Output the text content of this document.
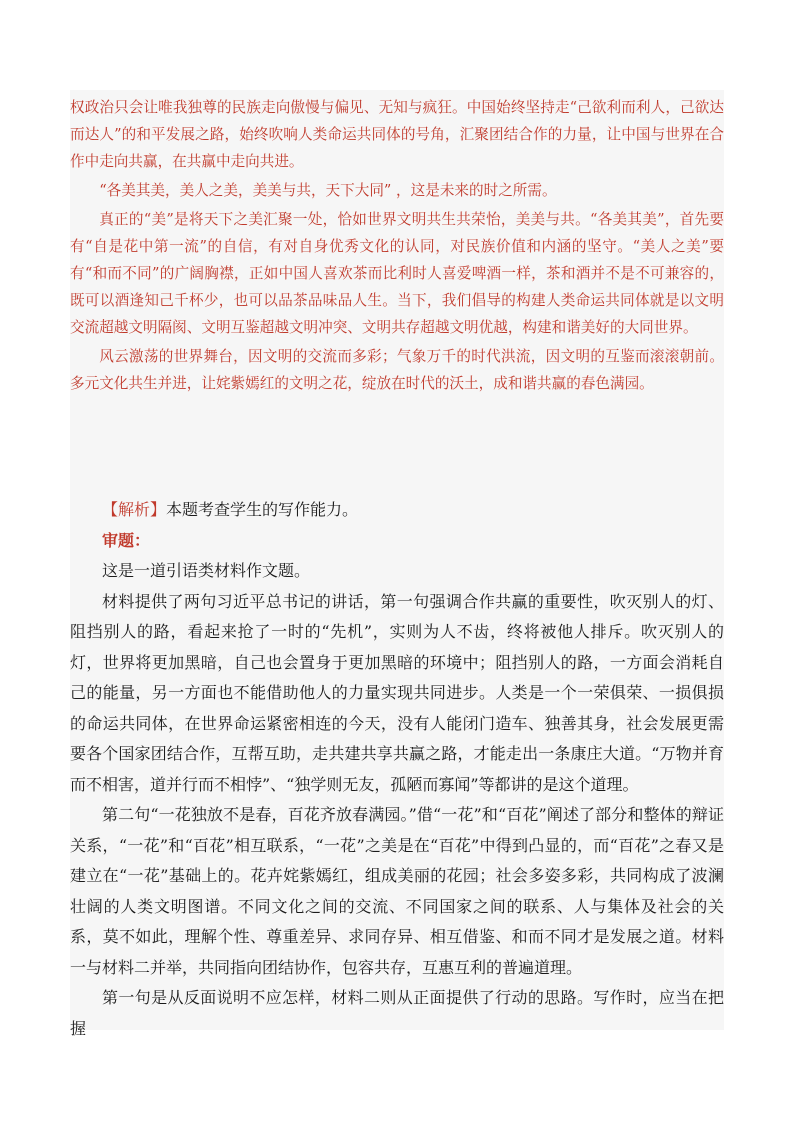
权政治只会让唯我独尊的民族走向傲慢与偏见、无知与疯狂。中国始终坚持走“己欲利而利人，己欲达而达人”的和平发展之路，始终吹响人类命运共同体的号角，汇聚团结合作的力量，让中国与世界在合作中走向共赢，在共赢中走向共进。

“各美其美，美人之美，美美与共，天下大同” ，这是未来的时之所需。

真正的“美”是将天下之美汇聚一处，恰如世界文明共生共荣怡，美美与共。“各美其美”，首先要有“自是花中第一流”的自信，有对自身优秀文化的认同，对民族价值和内涵的坚守。“美人之美”要有“和而不同”的广阔胸襟，正如中国人喜欢茶而比利时人喜爱啤酒一样，茶和酒并不是不可兼容的，既可以酒逢知己千杯少，也可以品茶品味品人生。当下，我们倡导的构建人类命运共同体就是以文明交流超越文明隔阂、文明互鉴超越文明冲突、文明共存超越文明优越，构建和谐美好的大同世界。

风云激荡的世界舞台，因文明的交流而多彩；气象万千的时代洪流，因文明的互鉴而滚滚朝前。多元文化共生并进，让姹紫嫣红的文明之花，绽放在时代的沃土，成和谐共赢的春色满园。

【解析】本题考查学生的写作能力。

审题：

这是一道引语类材料作文题。

材料提供了两句习近平总书记的讲话，第一句强调合作共赢的重要性，吹灭别人的灯、阻挡别人的路，看起来抢了一时的“先机”，实则为人不齿，终将被他人排斥。吹灭别人的灯，世界将更加黑暗，自己也会置身于更加黑暗的环境中；阻挡别人的路，一方面会消耗自己的能量，另一方面也不能借助他人的力量实现共同进步。人类是一个一荣俱荣、一损俱损的命运共同体，在世界命运紧密相连的今天，没有人能闭门造车、独善其身，社会发展更需要各个国家团结合作，互帮互助，走共建共享共赢之路，才能走出一条康庄大道。“万物并育而不相害，道并行而不相悖”、“独学则无友，孤陋而寡闻”等都讲的是这个道理。

第二句“一花独放不是春，百花齐放春满园。”借“一花”和“百花”阐述了部分和整体的辩证关系，“一花”和“百花”相互联系，“一花”之美是在“百花”中得到凸显的，而“百花”之春又是建立在“一花”基础上的。花卉姹紫嫣红，组成美丽的花园；社会多姿多彩，共同构成了波澜壮阔的人类文明图谱。不同文化之间的交流、不同国家之间的联系、人与集体及社会的关系，莫不如此，理解个性、尊重差异、求同存异、相互借鉴、和而不同才是发展之道。材料一与材料二并举，共同指向团结协作，包容共存，互惠互利的普遍道理。

第一句是从反面说明不应怎样，材料二则从正面提供了行动的思路。写作时，应当在把握
